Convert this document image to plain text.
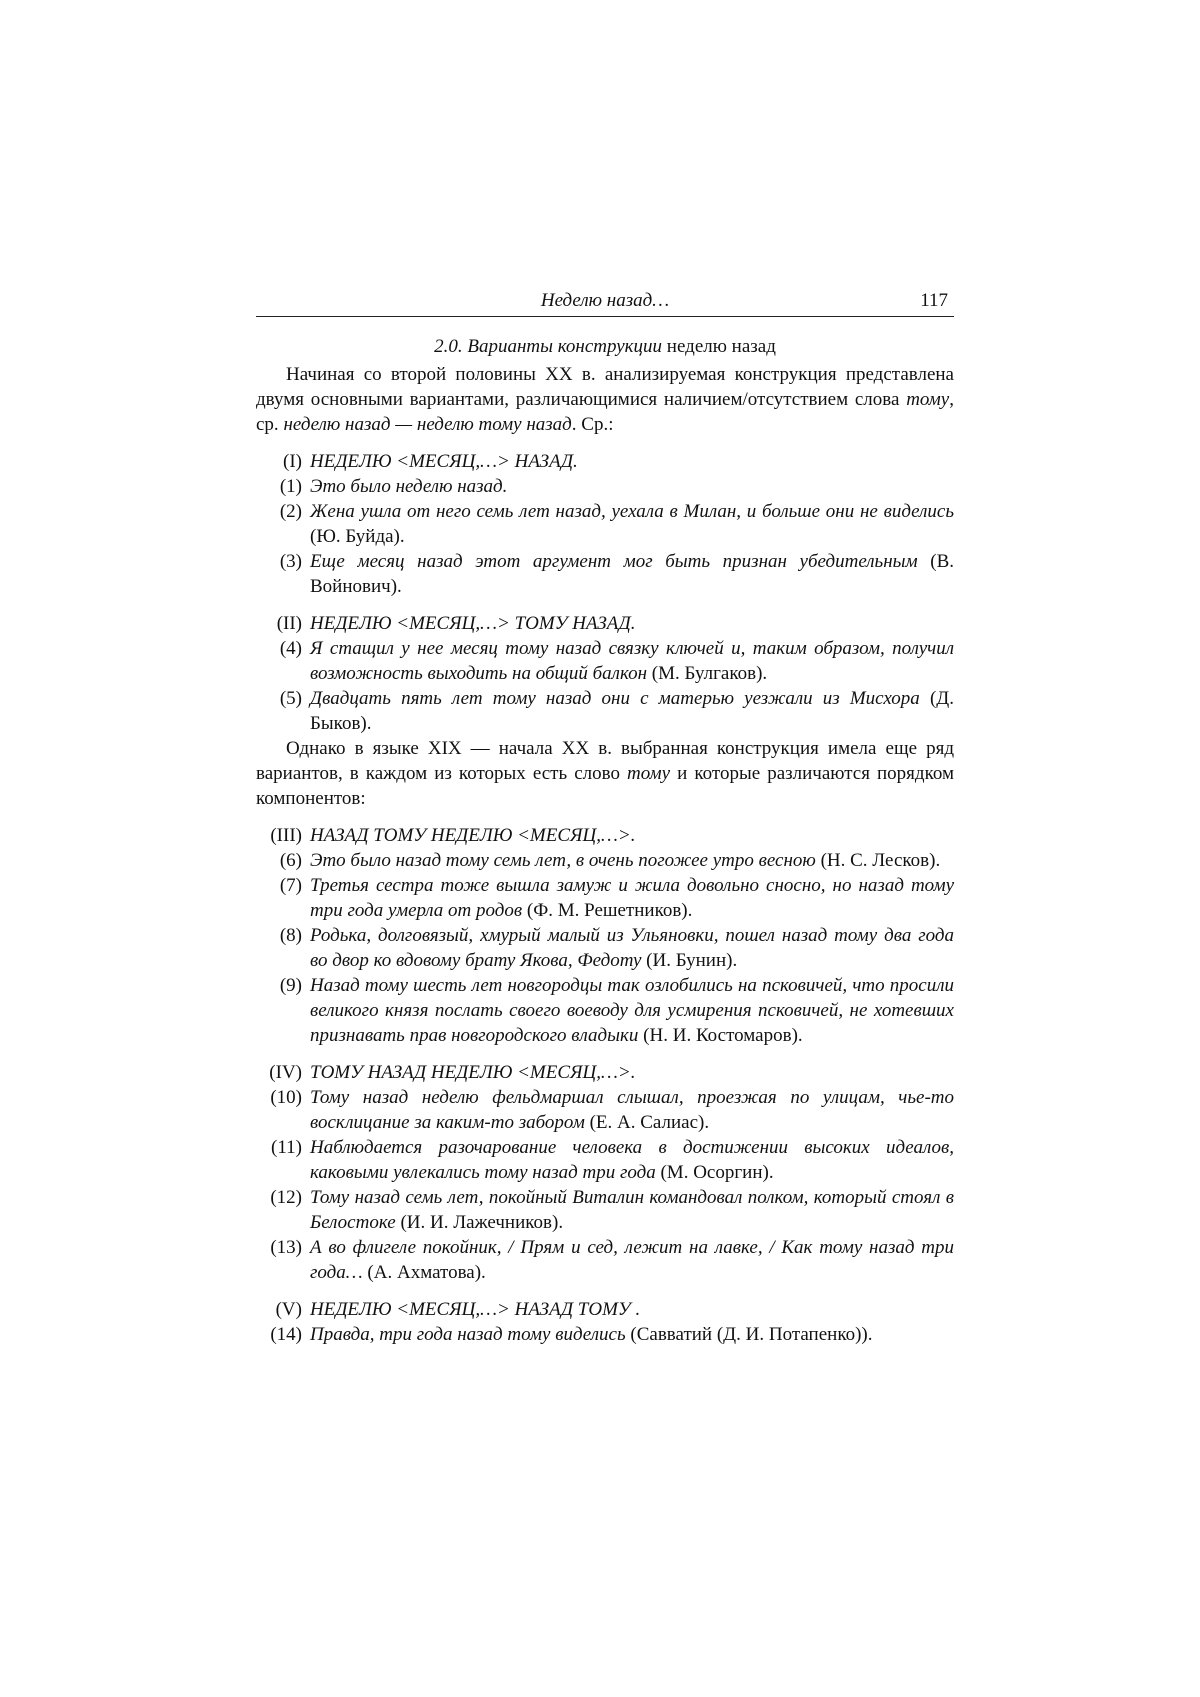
Неделю назад…	117
2.0. Варианты конструкции неделю назад

Начиная со второй половины XX в. анализируемая конструкция представлена двумя основными вариантами, различающимися наличием/отсутствием слова тому, ср. неделю назад — неделю тому назад. Ср.:

(I) НЕДЕЛЮ <МЕСЯЦ,…> НАЗАД.
(1) Это было неделю назад.
(2) Жена ушла от него семь лет назад, уехала в Милан, и больше они не виделись (Ю. Буйда).
(3) Еще месяц назад этот аргумент мог быть признан убедительным (В. Войнович).
(II) НЕДЕЛЮ <МЕСЯЦ,…> ТОМУ НАЗАД.
(4) Я стащил у нее месяц тому назад связку ключей и, таким образом, получил возможность выходить на общий балкон (М. Булгаков).
(5) Двадцать пять лет тому назад они с матерью уезжали из Мисхора (Д. Быков).

Однако в языке XIX — начала XX в. выбранная конструкция имела еще ряд вариантов, в каждом из которых есть слово тому и которые различаются порядком компонентов:

(III) НАЗАД ТОМУ НЕДЕЛЮ <МЕСЯЦ,…>.
(6) Это было назад тому семь лет, в очень погожее утро весною (Н. С. Лесков).
(7) Третья сестра тоже вышла замуж и жила довольно сносно, но назад тому три года умерла от родов (Ф. М. Решетников).
(8) Родька, долговязый, хмурый малый из Ульяновки, пошел назад тому два года во двор ко вдовому брату Якова, Федоту (И. Бунин).
(9) Назад тому шесть лет новгородцы так озлобились на псковичей, что просили великого князя послать своего воеводу для усмирения псковичей, не хотевших признавать прав новгородского владыки (Н. И. Костомаров).
(IV) ТОМУ НАЗАД НЕДЕЛЮ <МЕСЯЦ,…>.
(10) Тому назад неделю фельдмаршал слышал, проезжая по улицам, чье-то восклицание за каким-то забором (Е. А. Салиас).
(11) Наблюдается разочарование человека в достижении высоких идеалов, каковыми увлекались тому назад три года (М. Осоргин).
(12) Тому назад семь лет, покойный Виталин командовал полком, который стоял в Белостоке (И. И. Лажечников).
(13) А во флигеле покойник, / Прям и сед, лежит на лавке, / Как тому назад три года… (А. Ахматова).
(V) НЕДЕЛЮ <МЕСЯЦ,…> НАЗАД ТОМУ .
(14) Правда, три года назад тому виделись (Савватий (Д. И. Потапенко)).
